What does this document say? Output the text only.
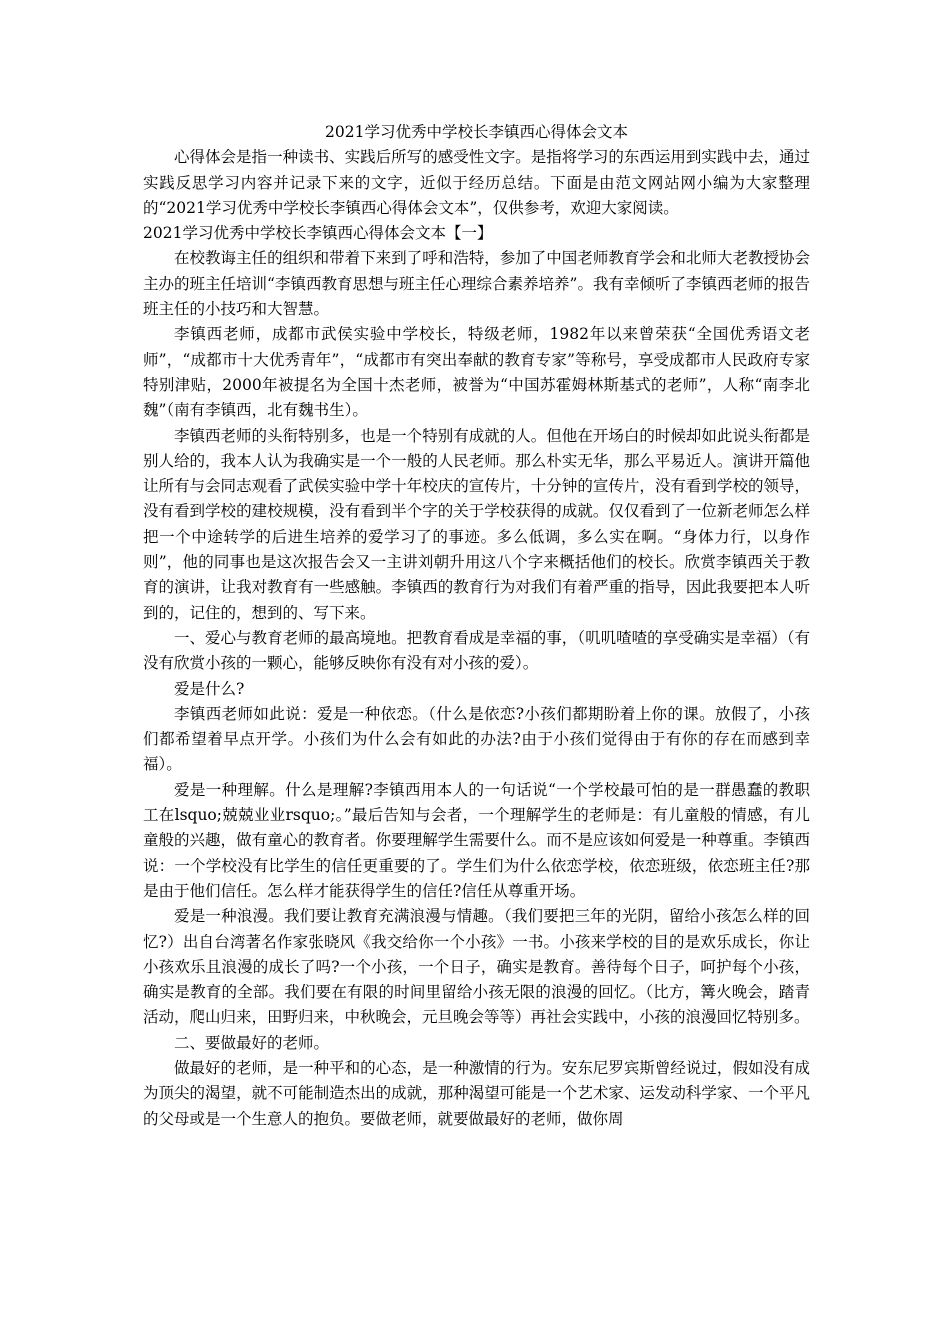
2021学习优秀中学校长李镇西心得体会文本

心得体会是指一种读书、实践后所写的感受性文字。是指将学习的东西运用到实践中去，通过实践反思学习内容并记录下来的文字，近似于经历总结。下面是由范文网站网小编为大家整理的“2021学习优秀中学校长李镇西心得体会文本”，仅供参考，欢迎大家阅读。

2021学习优秀中学校长李镇西心得体会文本【一】

在校教诲主任的组织和带着下来到了呼和浩特，参加了中国老师教育学会和北师大老教授协会主办的班主任培训“李镇西教育思想与班主任心理综合素养培养”。我有幸倾听了李镇西老师的报告班主任的小技巧和大智慧。

李镇西老师，成都市武侯实验中学校长，特级老师，1982年以来曾荣获“全国优秀语文老师”，“成都市十大优秀青年”，“成都市有突出奉献的教育专家”等称号，享受成都市人民政府专家特别津贴，2000年被提名为全国十杰老师，被誉为“中国苏霍姆林斯基式的老师”，人称“南李北魏”（南有李镇西，北有魏书生）。

李镇西老师的头衔特别多，也是一个特别有成就的人。但他在开场白的时候却如此说头衔都是别人给的，我本人认为我确实是一个一般的人民老师。那么朴实无华，那么平易近人。演讲开篇他让所有与会同志观看了武侯实验中学十年校庆的宣传片，十分钟的宣传片，没有看到学校的领导，没有看到学校的建校规模，没有看到半个字的关于学校获得的成就。仅仅看到了一位新老师怎么样把一个中途转学的后进生培养的爱学习了的事迹。多么低调，多么实在啊。“身体力行，以身作则”，他的同事也是这次报告会又一主讲刘朝升用这八个字来概括他们的校长。欣赏李镇西关于教育的演讲，让我对教育有一些感触。李镇西的教育行为对我们有着严重的指导，因此我要把本人听到的，记住的，想到的、写下来。

一、爱心与教育老师的最高境地。把教育看成是幸福的事，（叽叽喳喳的享受确实是幸福）（有没有欣赏小孩的一颗心，能够反映你有没有对小孩的爱）。

爱是什么?

李镇西老师如此说：爱是一种依恋。（什么是依恋?小孩们都期盼着上你的课。放假了，小孩们都希望着早点开学。小孩们为什么会有如此的办法?由于小孩们觉得由于有你的存在而感到幸福）。

爱是一种理解。什么是理解?李镇西用本人的一句话说“一个学校最可怕的是一群愚蠢的教职工在lsquo;兢兢业业rsquo;。”最后告知与会者，一个理解学生的老师是：有儿童般的情感，有儿童般的兴趣，做有童心的教育者。你要理解学生需要什么。而不是应该如何爱是一种尊重。李镇西说：一个学校没有比学生的信任更重要的了。学生们为什么依恋学校，依恋班级，依恋班主任?那是由于他们信任。怎么样才能获得学生的信任?信任从尊重开场。

爱是一种浪漫。我们要让教育充满浪漫与情趣。（我们要把三年的光阴，留给小孩怎么样的回忆?）出自台湾著名作家张晓风《我交给你一个小孩》一书。小孩来学校的目的是欢乐成长，你让小孩欢乐且浪漫的成长了吗?一个小孩，一个日子，确实是教育。善待每个日子，呵护每个小孩，确实是教育的全部。我们要在有限的时间里留给小孩无限的浪漫的回忆。（比方，篝火晚会，踏青活动，爬山归来，田野归来，中秋晚会，元旦晚会等等）再社会实践中，小孩的浪漫回忆特别多。

二、要做最好的老师。

做最好的老师，是一种平和的心态，是一种激情的行为。安东尼罗宾斯曾经说过，假如没有成为顶尖的渴望，就不可能制造杰出的成就，那种渴望可能是一个艺术家、运发动科学家、一个平凡的父母或是一个生意人的抱负。要做老师，就要做最好的老师，做你周
